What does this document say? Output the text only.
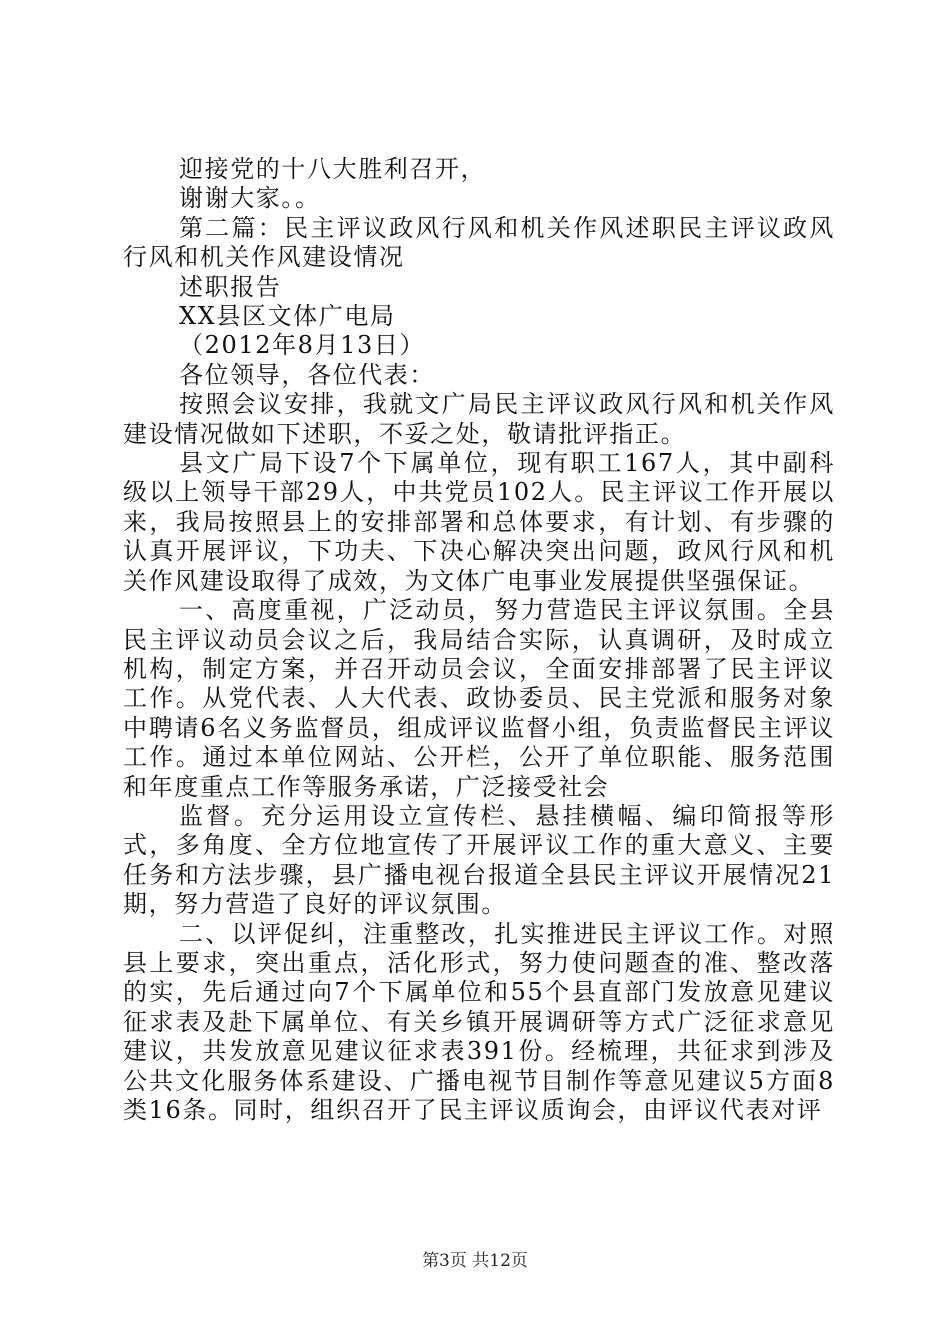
迎接党的十八大胜利召开，

谢谢大家。。

第二篇：民主评议政风行风和机关作风述职民主评议政风行风和机关作风建设情况

述职报告

XX县区文体广电局

（2012年8月13日）

各位领导，各位代表：

按照会议安排，我就文广局民主评议政风行风和机关作风建设情况做如下述职，不妥之处，敬请批评指正。

县文广局下设7个下属单位，现有职工167人，其中副科级以上领导干部29人，中共党员102人。民主评议工作开展以来，我局按照县上的安排部署和总体要求，有计划、有步骤的认真开展评议，下功夫、下决心解决突出问题，政风行风和机关作风建设取得了成效，为文体广电事业发展提供坚强保证。

一、高度重视，广泛动员，努力营造民主评议氛围。全县民主评议动员会议之后，我局结合实际，认真调研，及时成立机构，制定方案，并召开动员会议，全面安排部署了民主评议工作。从党代表、人大代表、政协委员、民主党派和服务对象中聘请6名义务监督员，组成评议监督小组，负责监督民主评议工作。通过本单位网站、公开栏，公开了单位职能、服务范围和年度重点工作等服务承诺，广泛接受社会

监督。充分运用设立宣传栏、悬挂横幅、编印简报等形式，多角度、全方位地宣传了开展评议工作的重大意义、主要任务和方法步骤，县广播电视台报道全县民主评议开展情况21期，努力营造了良好的评议氛围。

二、以评促纠，注重整改，扎实推进民主评议工作。对照县上要求，突出重点，活化形式，努力使问题查的准、整改落的实，先后通过向7个下属单位和55个县直部门发放意见建议征求表及赴下属单位、有关乡镇开展调研等方式广泛征求意见建议，共发放意见建议征求表391份。经梳理，共征求到涉及公共文化服务体系建设、广播电视节目制作等意见建议5方面8类16条。同时，组织召开了民主评议质询会，由评议代表对评

第3页 共12页
